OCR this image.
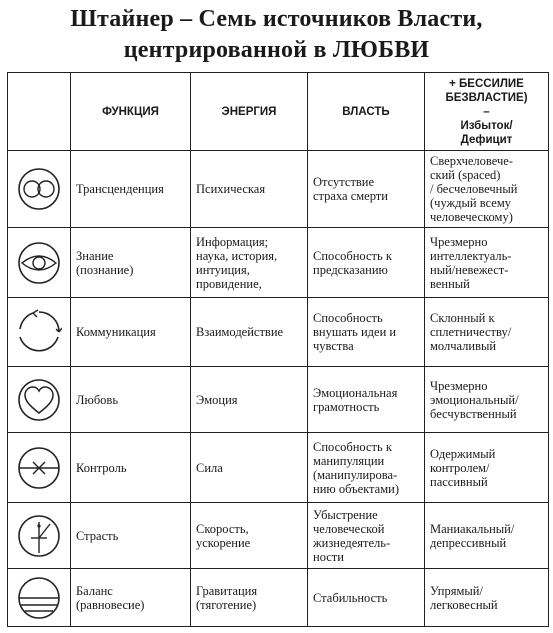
Штайнер – Семь источников Власти,
центрированной в ЛЮБВИ
	ФУНКЦИЯ	ЭНЕРГИЯ	ВЛАСТЬ	+ БЕССИЛИЕ
БЕЗВЛАСТИЕ)
–
Избыток/
Дефицит

	Трансценденция	Психическая	Отсутствие
страха смерти	Сверхчеловече-
ский (spaced)
/ бесчеловечный
(чуждый всему
человеческому)

	Знание
(познание)	Информация;
наука, история,
интуиция,
провидение,	Способность к
предсказанию	Чрезмерно
интеллектуаль-
ный/невежест-
венный

	Коммуникация	Взаимодействие	Способность
внушать идеи и
чувства	Склонный к
сплетничеству/
молчаливый

	Любовь	Эмоция	Эмоциональная
грамотность	Чрезмерно
эмоциональный/
бесчувственный

	Контроль	Сила	Способность к
манипуляции
(манипулирова-
нию объектами)	Одержимый
контролем/
пассивный

	Страсть	Скорость,
ускорение	Убыстрение
человеческой
жизнедеятель-
ности	Маниакальный/
депрессивный

	Баланс
(равновесие)	Гравитация
(тяготение)	Стабильность	Упрямый/
легковесный
